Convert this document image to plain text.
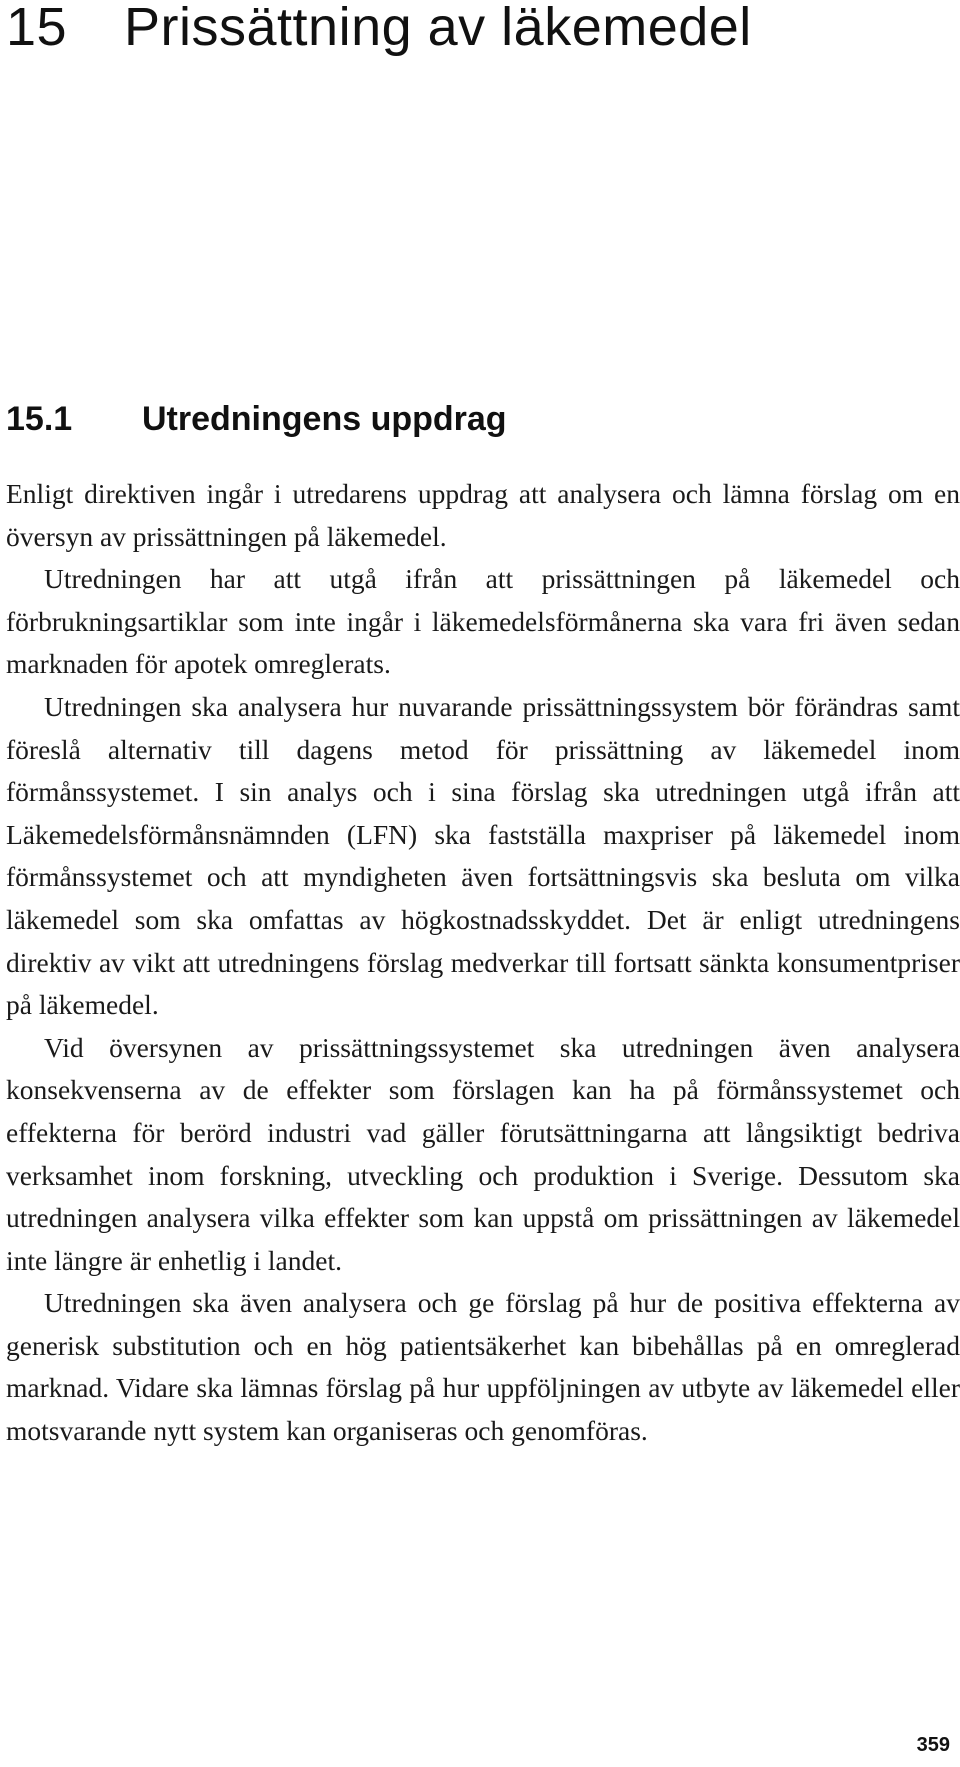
15 Prissättning av läkemedel
15.1 Utredningens uppdrag

Enligt direktiven ingår i utredarens uppdrag att analysera och lämna förslag om en översyn av prissättningen på läkemedel.

Utredningen har att utgå ifrån att prissättningen på läkemedel och förbrukningsartiklar som inte ingår i läkemedelsförmånerna ska vara fri även sedan marknaden för apotek omreglerats.

Utredningen ska analysera hur nuvarande prissättningssystem bör förändras samt föreslå alternativ till dagens metod för prissättning av läkemedel inom förmånssystemet. I sin analys och i sina förslag ska utredningen utgå ifrån att Läkemedelsförmånsnämnden (LFN) ska fastställa maxpriser på läkemedel inom förmånssystemet och att myndigheten även fortsättningsvis ska besluta om vilka läkemedel som ska omfattas av högkostnadsskyddet. Det är enligt utredningens direktiv av vikt att utredningens förslag medverkar till fortsatt sänkta konsumentpriser på läkemedel.

Vid översynen av prissättningssystemet ska utredningen även analysera konsekvenserna av de effekter som förslagen kan ha på förmånssystemet och effekterna för berörd industri vad gäller förutsättningarna att långsiktigt bedriva verksamhet inom forskning, utveckling och produktion i Sverige. Dessutom ska utredningen analysera vilka effekter som kan uppstå om prissättningen av läkemedel inte längre är enhetlig i landet.

Utredningen ska även analysera och ge förslag på hur de positiva effekterna av generisk substitution och en hög patientsäkerhet kan bibehållas på en omreglerad marknad. Vidare ska lämnas förslag på hur uppföljningen av utbyte av läkemedel eller motsvarande nytt system kan organiseras och genomföras.

359
